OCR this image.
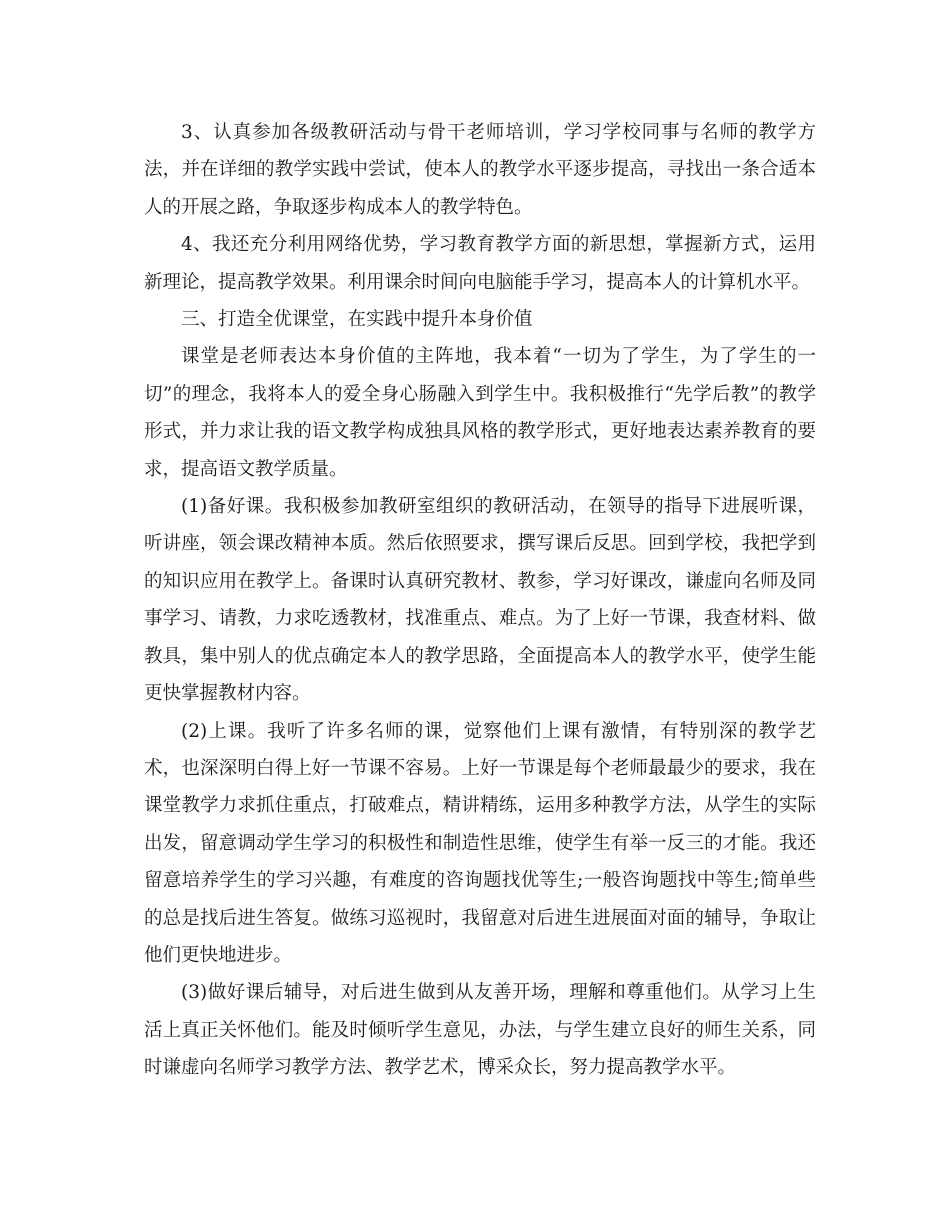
3、认真参加各级教研活动与骨干老师培训，学习学校同事与名师的教学方法，并在详细的教学实践中尝试，使本人的教学水平逐步提高，寻找出一条合适本人的开展之路，争取逐步构成本人的教学特色。

4、我还充分利用网络优势，学习教育教学方面的新思想，掌握新方式，运用新理论，提高教学效果。利用课余时间向电脑能手学习，提高本人的计算机水平。

三、打造全优课堂，在实践中提升本身价值

课堂是老师表达本身价值的主阵地，我本着“一切为了学生，为了学生的一切”的理念，我将本人的爱全身心肠融入到学生中。我积极推行“先学后教”的教学形式，并力求让我的语文教学构成独具风格的教学形式，更好地表达素养教育的要求，提高语文教学质量。

(1)备好课。我积极参加教研室组织的教研活动，在领导的指导下进展听课，听讲座，领会课改精神本质。然后依照要求，撰写课后反思。回到学校，我把学到的知识应用在教学上。备课时认真研究教材、教参，学习好课改，谦虚向名师及同事学习、请教，力求吃透教材，找准重点、难点。为了上好一节课，我查材料、做教具，集中别人的优点确定本人的教学思路，全面提高本人的教学水平，使学生能更快掌握教材内容。

(2)上课。我听了许多名师的课，觉察他们上课有激情，有特别深的教学艺术，也深深明白得上好一节课不容易。上好一节课是每个老师最最少的要求，我在课堂教学力求抓住重点，打破难点，精讲精练，运用多种教学方法，从学生的实际出发，留意调动学生学习的积极性和制造性思维，使学生有举一反三的才能。我还留意培养学生的学习兴趣，有难度的咨询题找优等生;一般咨询题找中等生;简单些的总是找后进生答复。做练习巡视时，我留意对后进生进展面对面的辅导，争取让他们更快地进步。

(3)做好课后辅导，对后进生做到从友善开场，理解和尊重他们。从学习上生活上真正关怀他们。能及时倾听学生意见，办法，与学生建立良好的师生关系，同时谦虚向名师学习教学方法、教学艺术，博采众长，努力提高教学水平。
